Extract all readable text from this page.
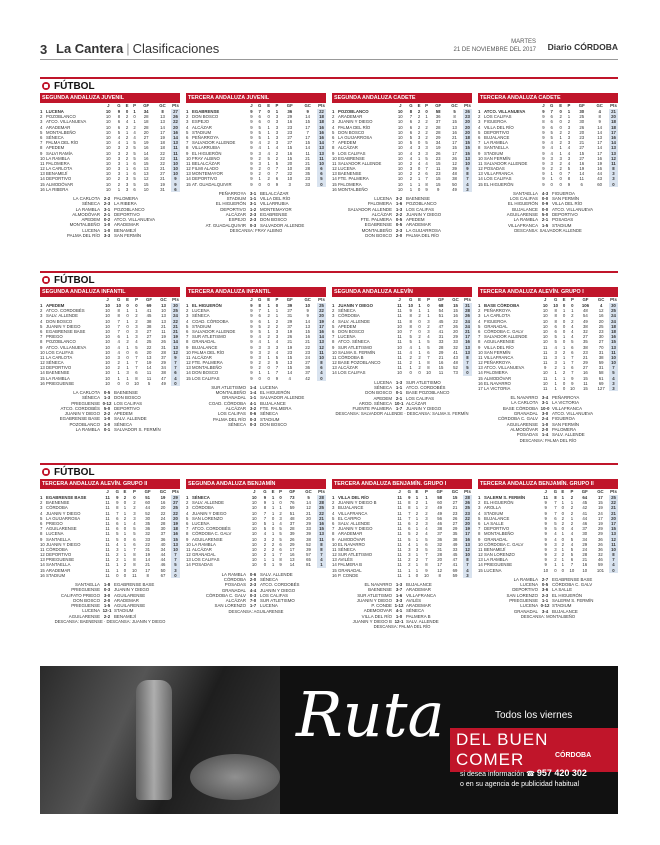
3 La Cantera | Clasificaciones	MARTES
21 DE NOVIEMBRE DEL 2017 Diario CÓRDOBA
FÚTBOL
SEGUNDA ANDALUZA JUVENIL
		J	G	E	P	GF	GC	Pts
1	LUCENA	10	9	0	1	34	8	27
2	POZOBLANCO	10	8	2	0	28	13	26
3	ATCO. VILLANUEVA	10	6	4	1	18	13	22
4	ARADEMAR	10	6	2	2	28	14	20
5	MONTALBEÑO	10	5	1	4	20	17	16
6	SÉNECA	10	4	2	4	27	19	14
7	PALMA DEL RÍO	10	4	1	5	19	18	13
8	APEDEM	10	3	2	5	16	18	11
9	SALVI RAMÍA	10	3	2	5	14	22	11
10	LA RAMBLA	10	3	2	5	16	22	11
11	PALOMERA	10	3	1	6	15	22	10
12	LA CARLOTA	10	3	1	6	13	21	10
13	BENAMEJÍ	10	3	1	6	13	27	10
14	DEPORTIVO	10	2	3	5	12	21	9
15	ALMODÓVAR	10	2	3	5	15	19	9
16	LA RIBERA	10	1	3	6	10	31	6
LA CARLOTA 2-2 PALOMERA
SÉNECA 2-3 LA RIBERA
LA RAMBLA 3-1 POZOBLANCO
ALMODÓVAR 2-1 DEPORTIVO
APEDEM 0-2 ATCO. VILLANUEVA
MONTALBEÑO 1-0 ARADEMAR
LUCENA 1-0 BENAMEJÍ
PALMA DEL RÍO 3-3 SAN FERMÍN
TERCERA ANDALUZA JUVENIL
		J	G	E	P	GF	GC	Pts
1	EGABRENSE	9	7	0	1	36	9	22
2	DON BOSCO	9	6	0	3	29	14	18
3	ESPEJO	9	6	0	3	16	15	18
4	ALCÁZAR	9	5	1	3	23	17	16
5	STADIUM	9	5	1	3	23	7	16
6	PEÑARROYA	9	5	1	3	27	17	16
7	SALVADOR ALLENDE	9	4	2	3	27	15	14
8	VILLARRUBIA	9	4	1	4	15	14	13
9	EL HIGUERÓN	9	3	4	2	16	11	13
10	FRAY ALBINO	9	2	5	2	15	21	11
11	BELALCÁZAR	9	3	1	5	20	21	10
12	FILMI ALADO	9	2	0	7	10	28	6
13	MONTEMAYOR	9	2	0	7	22	35	6
14	DEPORTIVO	9	1	2	6	10	23	5
15	AT. GUADALQUIVIR	9	0	0	9	3	33	0
PEÑARROYA 3-1 BELALCÁZAR
STADIUM 1-1 VILLA DEL RÍO
EL HIGUERÓN 3-1 VILLARRUBIA
DEPORTIVO 1-2 MONTEMAYOR
ALCÁZAR 2-3 EGABRENSE
ESPEJO 2-3 DON BOSCO
AT. GUADALQUIVIR 0-3 SALVADOR ALLENDE
DESCANSA: FRAY ALBINO
SEGUNDA ANDALUZA CADETE
		J	G	E	P	GF	GC	Pts
1	POZOBLANCO	10	8	2	0	58	5	26
2	ARADEMAR	10	7	2	1	36	8	23
3	JUANIN Y DIEGO	10	6	2	2	37	15	20
4	PALMA DEL RÍO	10	6	2	2	28	13	20
5	DON BOSCO	10	6	2	2	28	16	20
6	LA GUIJARROSA	10	5	3	2	29	21	18
7	APEDEM	10	5	0	5	34	17	15
8	ALCÁZAR	10	4	3	3	19	15	15
9	LOS CALIFAS	10	4	3	3	26	17	15
10	EGABRENSE	10	4	1	5	23	26	13
11	SALVADOR ALLENDE	10	2	4	4	15	12	10
12	LUCENA	10	3	0	7	11	39	9
13	BAENENSE	10	2	2	6	23	48	8
14	FTE. PALMERA	10	2	1	7	15	38	7
15	PALOMERA	10	1	1	8	15	50	4
16	MONTALBEÑO	10	1	0	9	9	49	3
LUCENA 3-2 BAENENSE
PALOMERA 1-6 POZOBLANCO
SALVADOR ALLENDE 1-3 LOS CALIFAS
ALCÁZAR 2-2 JUANIN Y DIEGO
FTE. PALMERA 0-5 APEDEM
EGABRENSE 0-5 ARADEMAR
MONTALBEÑO 2-3 LA GUIJARROSA
DON BOSCO 2-0 PALMA DEL RÍO
TERCERA ANDALUZA CADETE
		J	G	E	P	GF	GC	Pts
1	ATCO. VILLANUEVA	9	7	0	1	30	4	21
2	LOS CALIFAS	9	6	2	1	25	8	20
3	FIGUEROA	8	6	0	2	30	9	18
4	VILLA DEL RÍO	9	6	0	3	26	14	18
5	DEPORTIVO	9	5	2	2	20	14	17
6	BUJALANCE	9	5	1	3	23	13	16
7	LA RAMBLA	9	4	2	3	21	17	14
8	SANTAELLA	9	4	1	4	27	14	13
9	STADIUM	9	4	1	4	15	17	13
10	SAN FERMÍN	9	3	3	3	27	16	12
11	SALVADOR ALLENDE	9	3	2	4	16	19	11
12	POSADAS	9	2	2	5	19	16	8
13	VILLAFRANCA	9	1	0	7	14	44	3
14	LOS CALIFAS	9	1	0	8	11	43	3
15	EL HIGUERÓN	9	0	0	9	6	60	0
SANTAELLA 4-3 FIGUEROA
LOS CALIFAS 0-0 SAN FERMÍN
EL HIGUERÓN 0-9 VILLA DEL RÍO
BUJALANCE 0-0 ATCO. VILLANUEVA
AGUILARENSE 5-0 DEPORTIVO
LA RAMBLA 2-1 POSADAS
VILLAFRANCA 1-5 STADIUM
DESCANSA: SALVADOR ALLENDE
FÚTBOL
SEGUNDA ANDALUZA INFANTIL
		J	G	E	P	GF	GC	Pts
1	APEDEM	10	10	0	0	69	13	30
2	ATCO. CORDOBÉS	10	8	1	1	41	10	25
3	SALV. ALLENDE	10	8	0	2	45	13	24
4	DON BOSCO	10	7	1	2	38	13	22
5	JUANIN Y DIEGO	10	7	0	3	38	21	21
6	EGABRENSE BASE	10	7	0	3	27	11	21
7	PRIEGO	10	6	1	3	27	19	19
8	POZOBLANCO	10	4	2	4	25	26	14
9	ATCO. VILLANUEVA	10	4	1	5	22	31	13
10	LOS CALIFAS	10	4	0	6	20	28	12
11	LA CARLOTA	10	3	0	7	13	37	9
12	SÉNECA	10	2	1	7	19	29	7
13	DEPORTIVO	10	2	1	7	14	34	7
14	BAENENSE	10	1	3	6	11	38	6
15	LA RAMBLA	10	1	1	8	11	47	4
16	PRIEGUENSE	10	0	0	10	5	49	0
LA CARLOTA 0-5 BAENENSE
SÉNECA 1-3 DON BOSCO
PRIEGUENSE 0-12 LOS CALIFAS
ATCO. CORDOBÉS 5-0 DEPORTIVO
JUANIN Y DIEGO 2-2 APEDEM
EGABRENSE BASE 1-0 SALV. ALLENDE
POZOBLANCO 1-0 SÉNECA
LA RAMBLA 0-1 SALVADOR S. FERMÍN
TERCERA ANDALUZA INFANTIL
		J	G	E	P	GF	GC	Pts
1	EL HIGUERÓN	9	8	1	0	39	10	25
2	LUCENA	9	7	1	1	27	9	22
3	SÉNECA	9	6	2	1	31	9	20
4	COAD. CÓRDOBA	9	6	1	2	29	14	19
5	STADIUM	9	5	2	2	37	13	17
6	SALVADOR ALLENDE	9	5	1	3	19	15	16
7	SUR ATLETISMO	9	4	2	3	26	16	14
8	GRANADAL	9	4	1	4	21	21	13
9	BUJALANCE	9	3	3	3	19	22	12
10	PALMA DEL RÍO	9	3	2	4	23	23	11
11	ALCÁZAR	9	3	1	5	15	24	10
12	FTE. PALMERA	9	2	2	5	13	27	8
13	MONTALBEÑO	9	2	0	7	15	36	6
14	DON BOSCO	9	1	1	7	14	37	4
15	LOS CALIFAS	9	0	0	9	4	42	0
SUR ATLETISMO 1-4 LUCENA
MONTALBEÑO 1-4 EL HIGUERÓN
GRANADAL 1-1 SALVADOR ALLENDE
COAD. CÓRDOBA 4-1 BUJALANCE
ALCÁZAR 3-2 FTE. PALMERA
LOS CALIFAS 0-6 SÉNECA
PALMA DEL RÍO 0-3 STADIUM
SÉNECA 0-3 DON BOSCO
SEGUNDA ANDALUZA ALEVÍN
		J	G	E	P	GF	GC	Pts
1	JUANIN Y DIEGO	11	10	1	0	68	15	31
2	SÉNECA	11	9	1	1	54	15	28
3	CÓRDOBA	11	8	2	1	51	16	26
4	SALV. ALLENDE	11	8	0	3	45	22	24
5	APEDEM	10	8	0	2	47	26	24
6	DON BOSCO	10	7	0	3	41	20	21
7	LUCENA	11	5	2	4	31	29	17
8	ATCO. SÉNECA	11	5	1	5	33	33	16
9	SUR ATLETISMO	10	4	1	5	28	32	13
10	SALMA S. FERMÍN	11	4	1	6	29	41	13
11	CÓRDOBA B	11	2	2	7	21	43	8
12	BASE POZOBLANCO	11	2	1	8	16	48	7
13	ALCÁZAR	11	1	2	8	15	52	5
14	LOS CALIFAS	10	0	0	10	11	73	0
LUCENA 1-3 SUR ATLETISMO
SÉNECA 1-1 ATCO. CORDOBÉS
DON BOSCO 0-1 BASE POZOBLANCO
APEDEM 2-1 LOS CALIFAS
AROD. SÉNECA 10-1 ALCÁZAR
FUENTE PALMERA 1-7 JUANIN Y DIEGO
DESCANSA: SALVADOR ALLENDE · DESCANSA: SALMA S. FERMÍN
TERCERA ANDALUZA ALEVÍN. GRUPO I
		J	G	E	P	GF	GC	Pts
1	BASE CÓRDOBA	10	10	0	0	106	4	30
2	PEÑARROYA	10	8	1	1	48	12	25
3	LA CARLOTA	10	8	0	2	54	16	24
4	FIGUEROA	10	8	0	2	49	20	24
5	GRANADAL	10	6	0	4	38	25	18
6	CÓRDOBA C. GALV	10	6	0	4	32	23	18
7	SALVADOR ALLENDE	10	5	1	4	27	30	16
8	AGUILARENSE	10	5	0	5	35	27	15
9	VILLA DEL RÍO	11	4	1	6	38	70	13
10	SAN FERMÍN	11	3	2	6	23	31	11
11	VILLAFRANCA	11	3	1	7	21	38	10
12	PEÑARROYA	11	3	1	7	29	59	10
13	ATCO. VILLANUEVA	9	2	1	6	27	31	7
14	PALOMERA	10	1	2	7	16	58	5
15	ALMODÓVAR	11	1	1	9	15	61	4
16	EL NAVARRO	10	1	0	9	11	69	3
17	LA VICTORIA	11	1	0	10	15	127	3
EL NAVARRO 3-4 PEÑARROYA
LA CARLOTA 3-1 LA VICTORIA
BASE CÓRDOBA 10-0 VILLAFRANCA
GRANADAL 3-0 ATCO. VILLANUEVA
CÓRDOBA C. GALV 2-4 FIGUEROA
AGUILARENSE 1-0 SAN FERMÍN
ALMODÓVAR 2-0 PALOMERA
POSADAS 1-4 SALV. ALLENDE
DESCANSA: PALMA DEL RÍO
FÚTBOL
TERCERA ANDALUZA ALEVÍN. GRUPO II
		J	G	E	P	GF	GC	Pts
1	EGABRENSE BASE	11	9	2	0	51	19	29
2	BAENENSE	11	9	0	2	60	16	27
3	CÓRDOBA	11	8	1	2	44	20	25
4	JUANIN Y DIEGO	11	7	1	3	52	22	22
5	LA GUIJARROSA	11	6	2	3	30	24	20
6	PRIEGO	11	6	1	4	35	28	19
7	AGUILARENSE	11	6	0	5	36	30	18
8	LUCENA	11	5	1	5	32	37	16
9	SANTAELLA	11	5	0	6	33	36	15
10	JUANIN Y DIEGO	11	4	1	6	22	40	13
11	CÓRDOBA	11	3	1	7	31	34	10
12	DEPORTIVO	11	2	1	8	19	44	7
13	PRIEGUENSE	11	2	1	8	14	44	7
14	SANTAELLA	11	1	2	8	21	46	5
15	ARADEMAR	11	1	0	10	17	50	3
16	STADIUM	11	0	0	11	8	67	0
SANTAELLA 1-8 EGABRENSE BASE
PRIEGUENSE 0-3 JUANIN Y DIEGO
CALIFATO PRIEGO 3-0 AGUILARENSE
DON BOSCO 2-0 ARADEMAR
PRIEGUENSE 1-5 AGUILARENSE
LUCENA 12-1 STADIUM
AGUILARENSE 2-2 BENAMEJÍ
DESCANSA: BAENENSE · DESCANSA: JUANIN Y DIEGO
SEGUNDA ANDALUZA BENJAMÍN
		J	G	E	P	GF	GC	Pts
1	SÉNECA	10	9	1	0	73	5	28
2	SALV. ALLENDE	10	9	1	0	76	14	28
3	CÓRDOBA	10	8	1	1	59	12	25
4	JUANIN Y DIEGO	10	7	1	2	51	21	22
5	SAN LORENZO	10	7	0	3	48	20	21
6	LUCENA	10	5	1	4	37	29	16
7	ATCO. CORDOBÉS	10	5	0	5	28	33	15
8	CÓRDOBA C. GALV	10	4	1	5	39	39	13
9	AGUILARENSE	10	3	2	5	26	38	11
10	LA RAMBLA	10	2	2	6	29	52	8
11	ALCÁZAR	10	2	2	6	17	39	8
12	GRANADAL	10	2	1	7	16	57	7
13	LOS CALIFAS	10	1	1	8	13	65	4
14	POSADAS	10	0	1	9	14	81	1
LA RAMBLA 0-6 SALV. ALLENDE
CÓRDOBA 2-0 SÉNECA
POSADAS 2-3 ATCO. CORDOBÉS
GRANADAL 4-4 JUANIN Y DIEGO
CÓRDOBA C. GALV 0-3 LOS CALIFAS
ALCÁZAR 7-0 SUR ATLETISMO
SAN LORENZO 1-7 LUCENA
DESCANSA: AGUILARENSE
TERCERA ANDALUZA BENJAMÍN. GRUPO I
		J	G	E	P	GF	GC	Pts
1	VILLA DEL RÍO	11	9	1	1	58	15	28
2	JUANIN Y DIEGO B	11	8	2	1	60	27	26
3	BUJALANCE	11	8	1	2	49	21	25
4	VILLAFRANCA	11	7	2	2	49	23	23
5	EL CARPIO	11	7	1	3	56	26	22
6	SALV. ALLENDE	11	6	2	3	46	27	20
7	JUANIN Y DIEGO	11	6	1	4	38	29	19
8	ARADEMAR	11	5	2	4	37	35	17
9	ALMODÓVAR	11	5	1	5	36	38	16
10	EL NAVARRO	11	4	1	6	32	49	13
11	SÉNECA	11	3	3	5	31	33	12
12	SUR ATLETISMO	11	3	1	7	28	45	10
13	AVILÉS	11	2	2	7	20	47	8
14	PALMERA B	11	2	1	8	17	41	7
15	GRANADAL	11	1	1	9	12	69	4
16	P. CONDE	11	1	0	10	8	59	3
EL NAVARRO 1-3 BUJALANCE
BAENENSE 3-7 ARADEMAR
SUR ATLETISMO 1-6 VILLAFRANCA
JUANIN Y DIEGO 3-3 AVILÉS
P. CONDE 1-12 ARADEMAR
ADEMOOVAR 4-1 SÉNECA
VILLA DEL RÍO 1-0 PALMERA B
JUANIN Y DIEGO B 12-1 SALV. ALLENDE
DESCANSA: PALMA DEL RÍO
TERCERA ANDALUZA BENJAMÍN. GRUPO II
		J	G	E	P	GF	GC	Pts
1	SALERM S. FERMÍN	11	8	1	2	64	17	25
2	EL HIGUERÓN	9	7	1	1	45	15	22
3	AROLLA	9	7	0	2	42	19	21
4	STADIUM	9	7	0	2	41	24	21
5	BUJALANCE	9	6	2	1	44	17	20
6	LA SALLE	9	5	2	2	46	19	17
7	DEPORTIVO	9	5	0	4	37	29	15
8	MONTALBEÑO	9	4	1	4	30	29	13
9	GRANADAL	9	4	0	5	34	36	12
10	CÓRDOBA C. GALV	9	3	2	4	29	26	11
11	BENAMEJÍ	9	3	1	5	24	36	10
12	SAN LORENZO	9	2	2	5	28	32	8
13	LA RAMBLA	9	2	1	6	21	46	7
14	PRIEGUENSE	9	1	1	7	16	59	4
15	LUCENA	10	0	0	10	10	101	0
LA RAMBLA 2-7 EGABRENSE BASE
LUCENA 0-5 CÓRDOBA C. GALV
DEPORTIVO 3-6 LA SALLE
SAN LORENZO 2-3 EL HIGUERÓN
PRIEGUENSE 1-1 SALERM S. FERMÍN
LUCENA 0-12 STADIUM
GRANADAL 3-4 BUJALANCE
DESCANSA: MONTALBEÑO
Ruta	Todos los viernes
DEL BUEN COMER	CÓRDOBA
si desea información ☎ 957 420 302
o en su agencia de publicidad habitual
